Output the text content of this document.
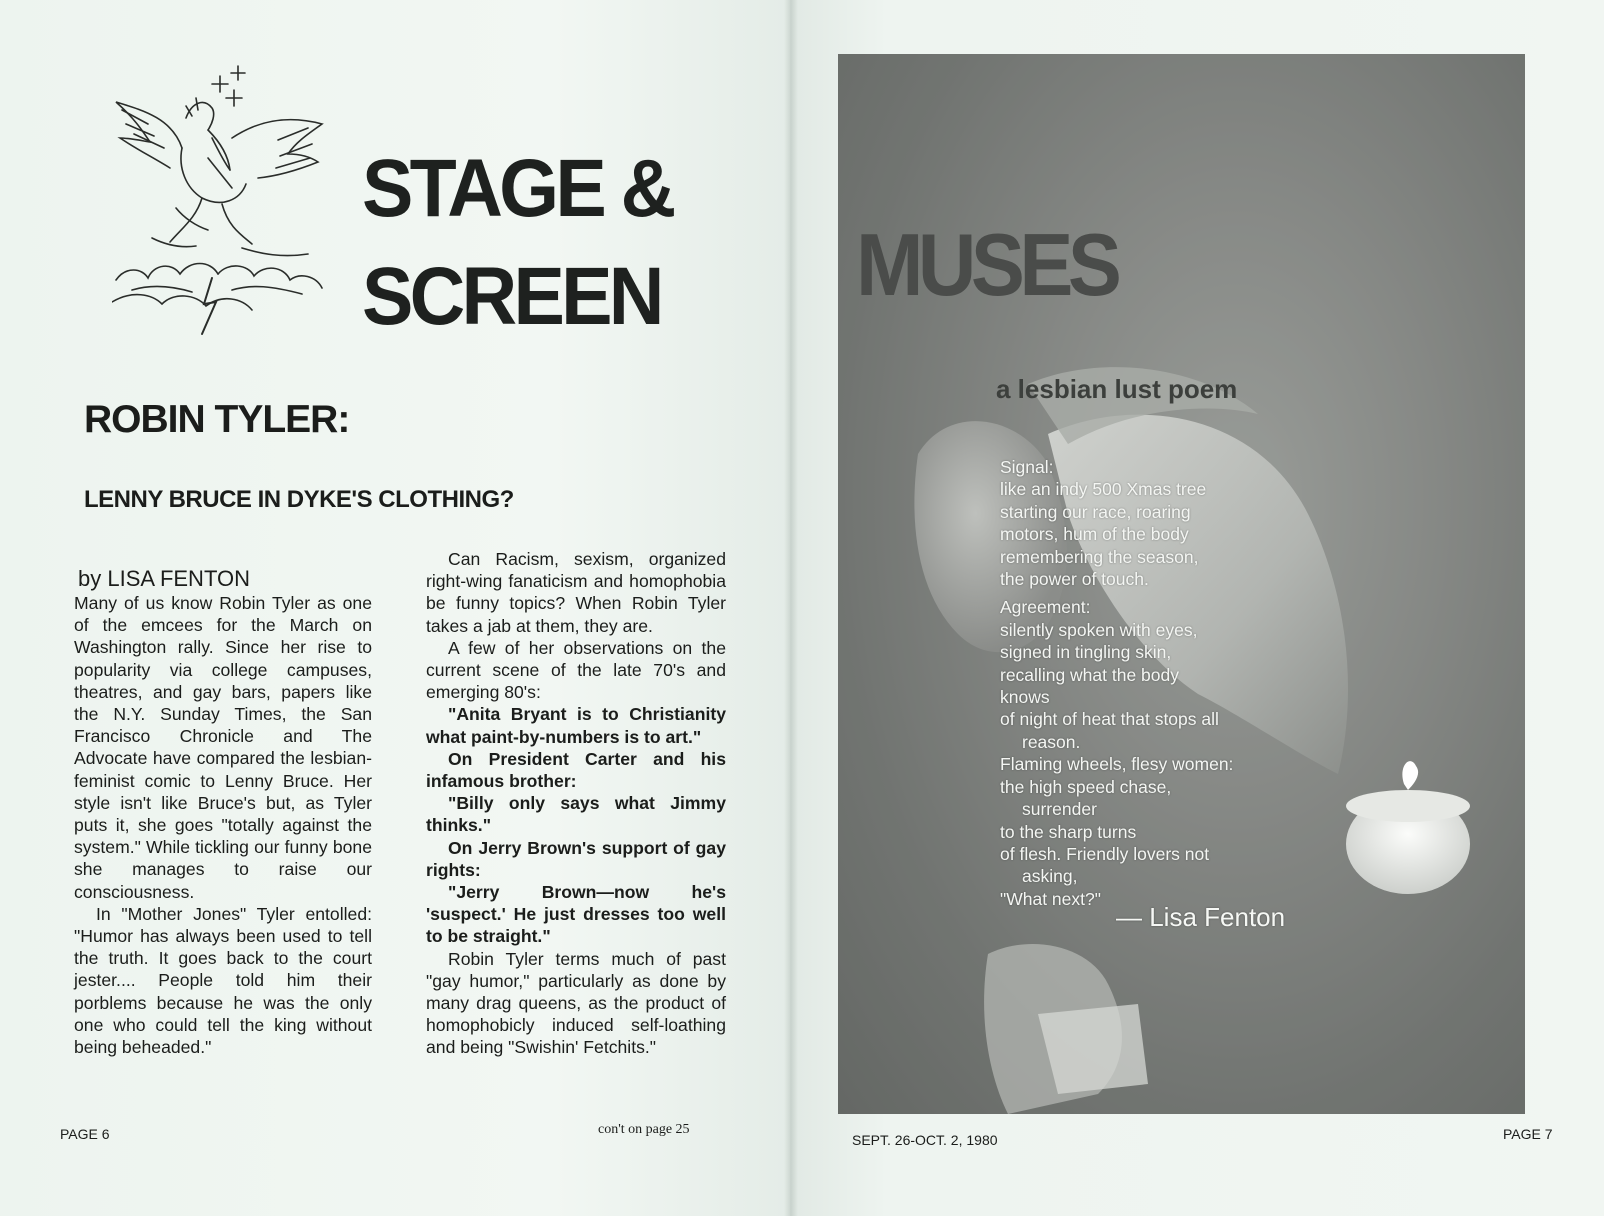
STAGE &
SCREEN
ROBIN TYLER:
LENNY BRUCE IN DYKE'S CLOTHING?
by LISA FENTON

Many of us know Robin Tyler as one of the emcees for the March on Washington rally. Since her rise to popularity via college campuses, theatres, and gay bars, papers like the N.Y. Sunday Times, the San Francisco Chronicle and The Advocate have compared the lesbian-feminist comic to Lenny Bruce. Her style isn't like Bruce's but, as Tyler puts it, she goes "totally against the system." While tickling our funny bone she manages to raise our consciousness.

In "Mother Jones" Tyler entolled: "Humor has always been used to tell the truth. It goes back to the court jester.... People told him their porblems because he was the only one who could tell the king without being beheaded."

Can Racism, sexism, organized right-wing fanaticism and homophobia be funny topics? When Robin Tyler takes a jab at them, they are.

A few of her observations on the current scene of the late 70's and emerging 80's:

"Anita Bryant is to Christianity what paint-by-numbers is to art."

On President Carter and his infamous brother:

"Billy only says what Jimmy thinks."

On Jerry Brown's support of gay rights:

"Jerry Brown—now he's 'suspect.' He just dresses too well to be straight."

Robin Tyler terms much of past "gay humor," particularly as done by many drag queens, as the product of homophobicly induced self-loathing and being "Swishin' Fetchits."

PAGE 6	con't on page 25
MUSES
a lesbian lust poem
Signal:
like an indy 500 Xmas tree
starting our race, roaring
motors, hum of the body
remembering the season,
the power of touch.
Agreement:
silently spoken with eyes,
signed in tingling skin,
recalling what the body
knows
of night of heat that stops all
reason.
Flaming wheels, flesy women:
the high speed chase,
surrender
to the sharp turns
of flesh. Friendly lovers not
asking,
"What next?"
— Lisa Fenton
SEPT. 26-OCT. 2, 1980	PAGE 7
